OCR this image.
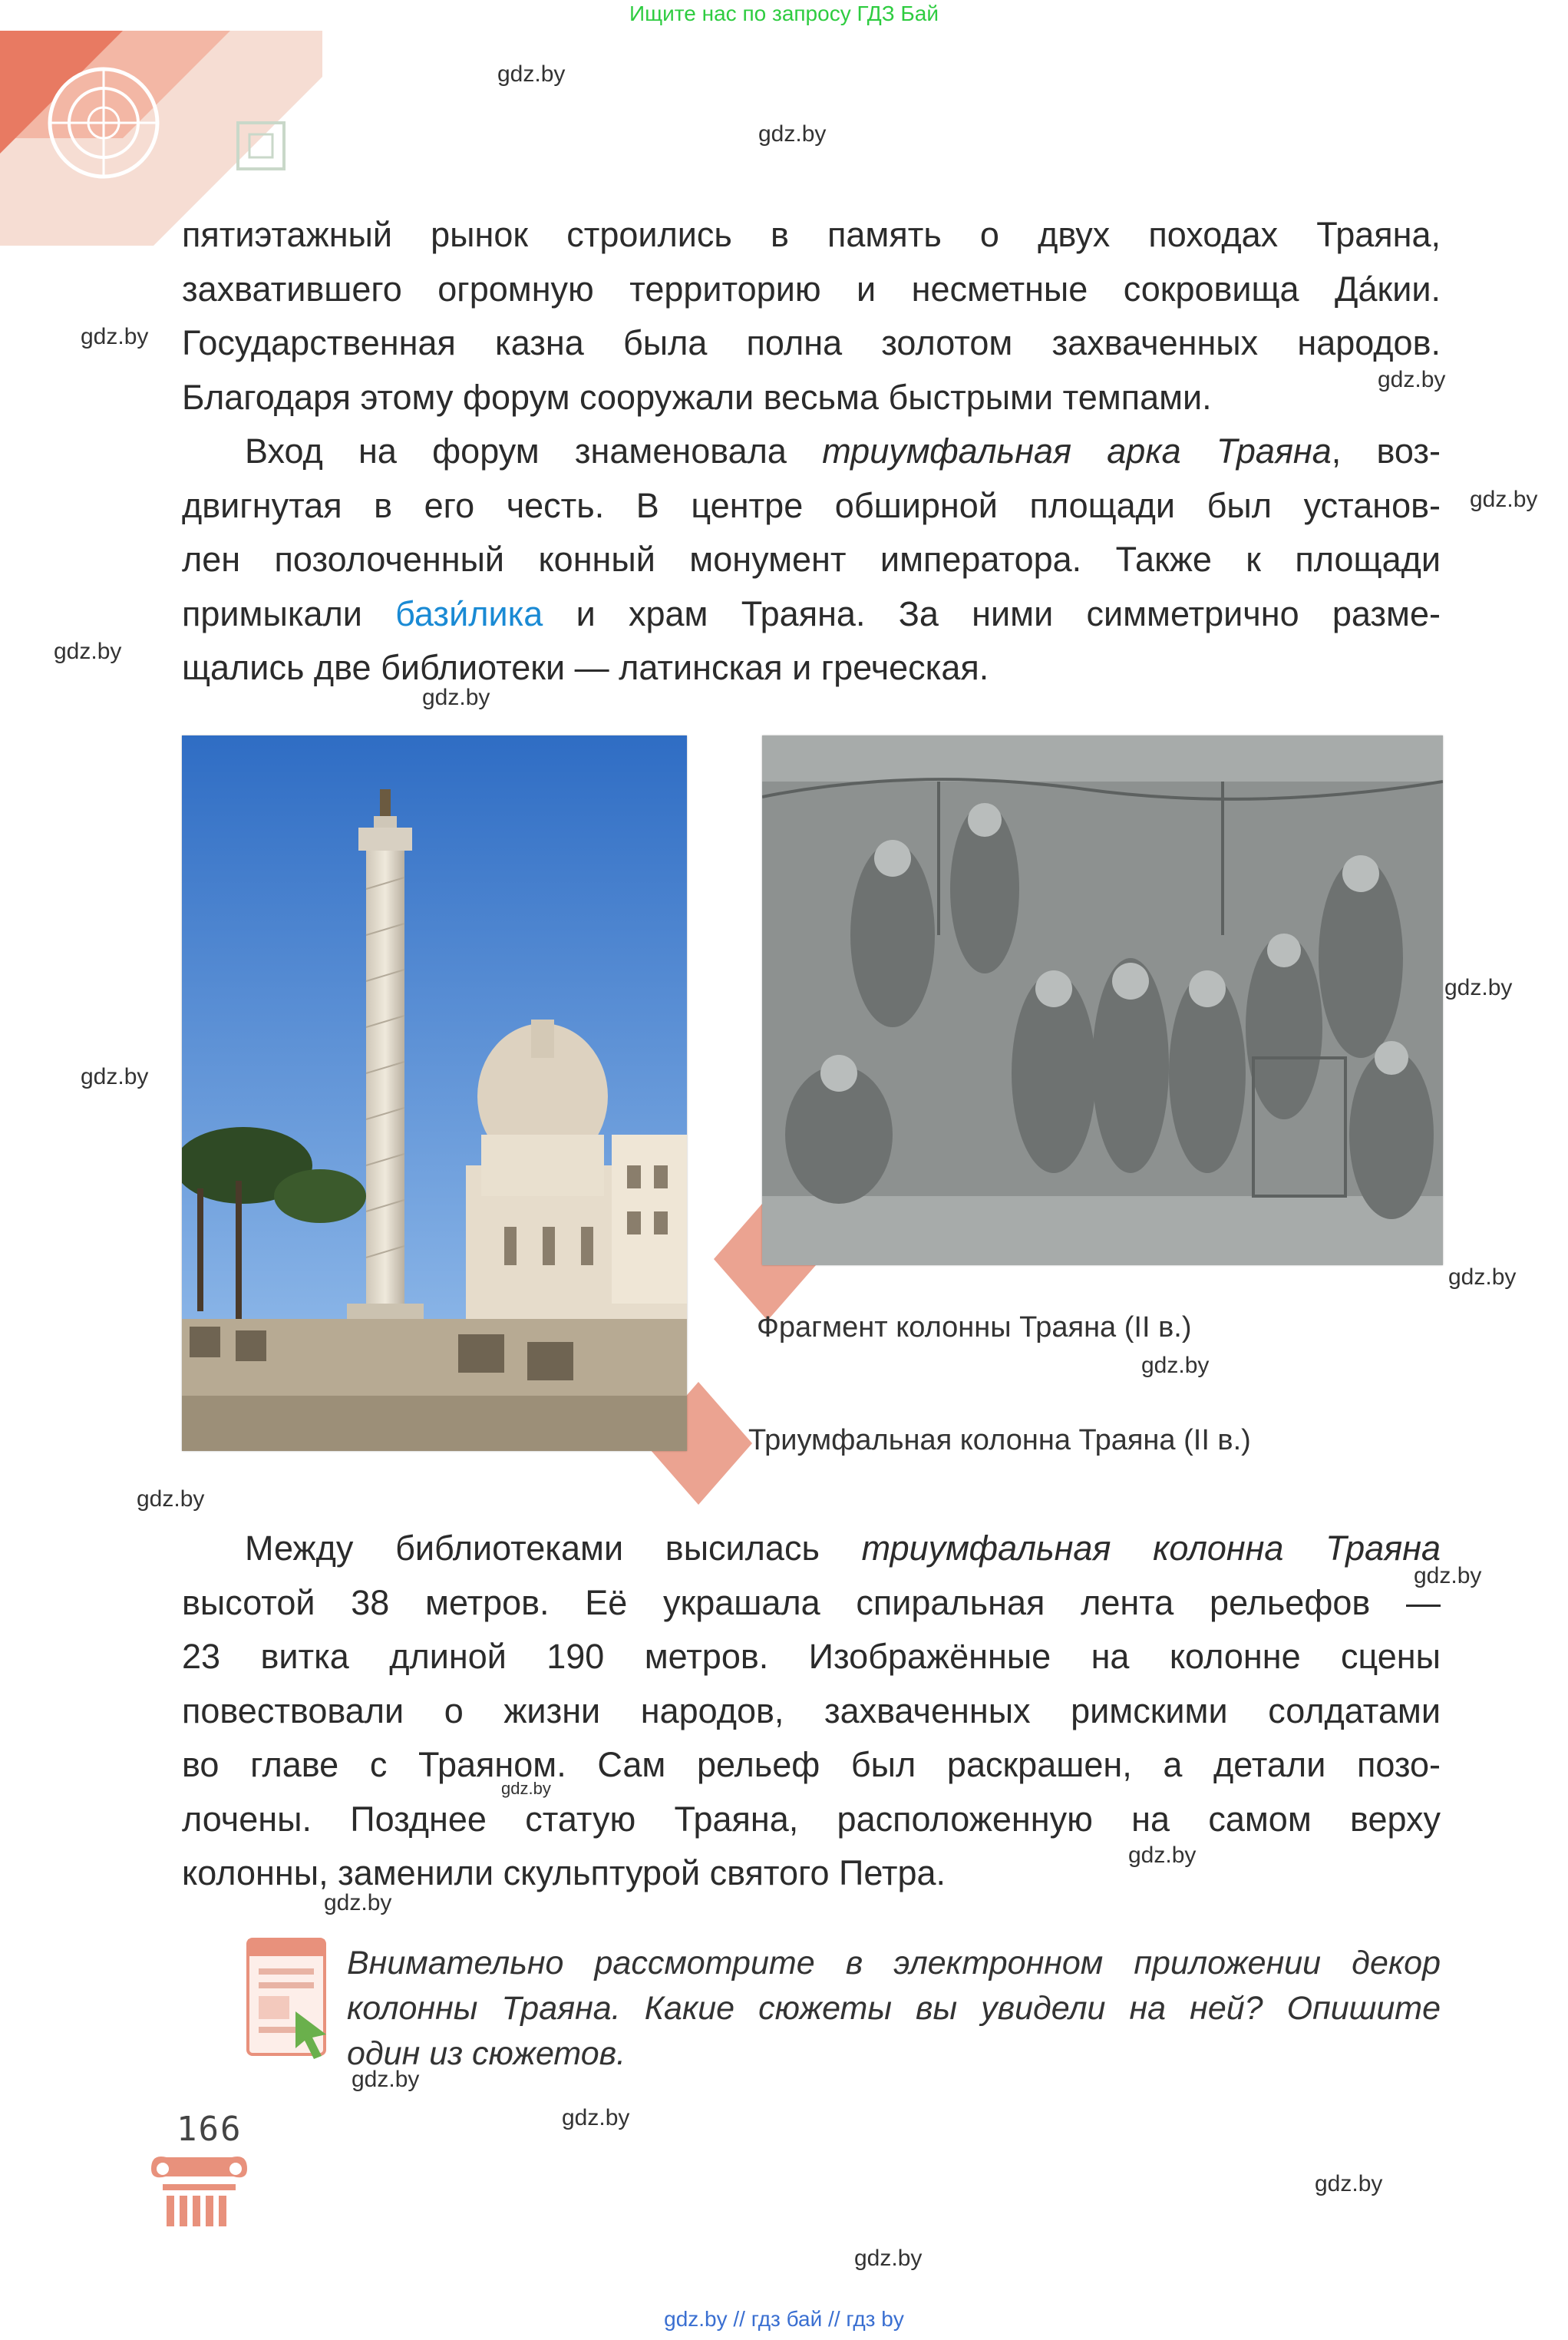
Ищите нас по запросу ГДЗ Бай
gdz.by
gdz.by
gdz.by
gdz.by
gdz.by
gdz.by
gdz.by
gdz.by
gdz.by
gdz.by
gdz.by
gdz.by
gdz.by
gdz.by
gdz.by
gdz.by
gdz.by
gdz.by
gdz.by
gdz.by
пятиэтажный рынок строились в память о двух походах Траяна,
захватившего огромную территорию и несметные сокровища Да́кии.
Государственная казна была полна золотом захваченных народов.
Благодаря этому форум сооружали весьма быстрыми темпами.
Вход на форум знаменовала триумфальная арка Траяна, воз-
двигнутая в его честь. В центре обширной площади был установ-
лен позолоченный конный монумент императора. Также к площади
примыкали бази́лика и храм Траяна. За ними симметрично разме-
щались две библиотеки — латинская и греческая.
Фрагмент колонны Траяна (II в.)
Триумфальная колонна Траяна (II в.)
Между библиотеками высилась триумфальная колонна Траяна
высотой 38 метров. Её украшала спиральная лента рельефов —
23 витка длиной 190 метров. Изображённые на колонне сцены
повествовали о жизни народов, захваченных римскими солдатами
во главе с Траяном. Сам рельеф был раскрашен, а детали позо-
лочены. Позднее статую Траяна, расположенную на самом верху
колонны, заменили скульптурой святого Петра.
Внимательно рассмотрите в электронном приложении декор
колонны Траяна. Какие сюжеты вы увидели на ней? Опишите
один из сюжетов.
166
gdz.by // гдз бай // гдз by
